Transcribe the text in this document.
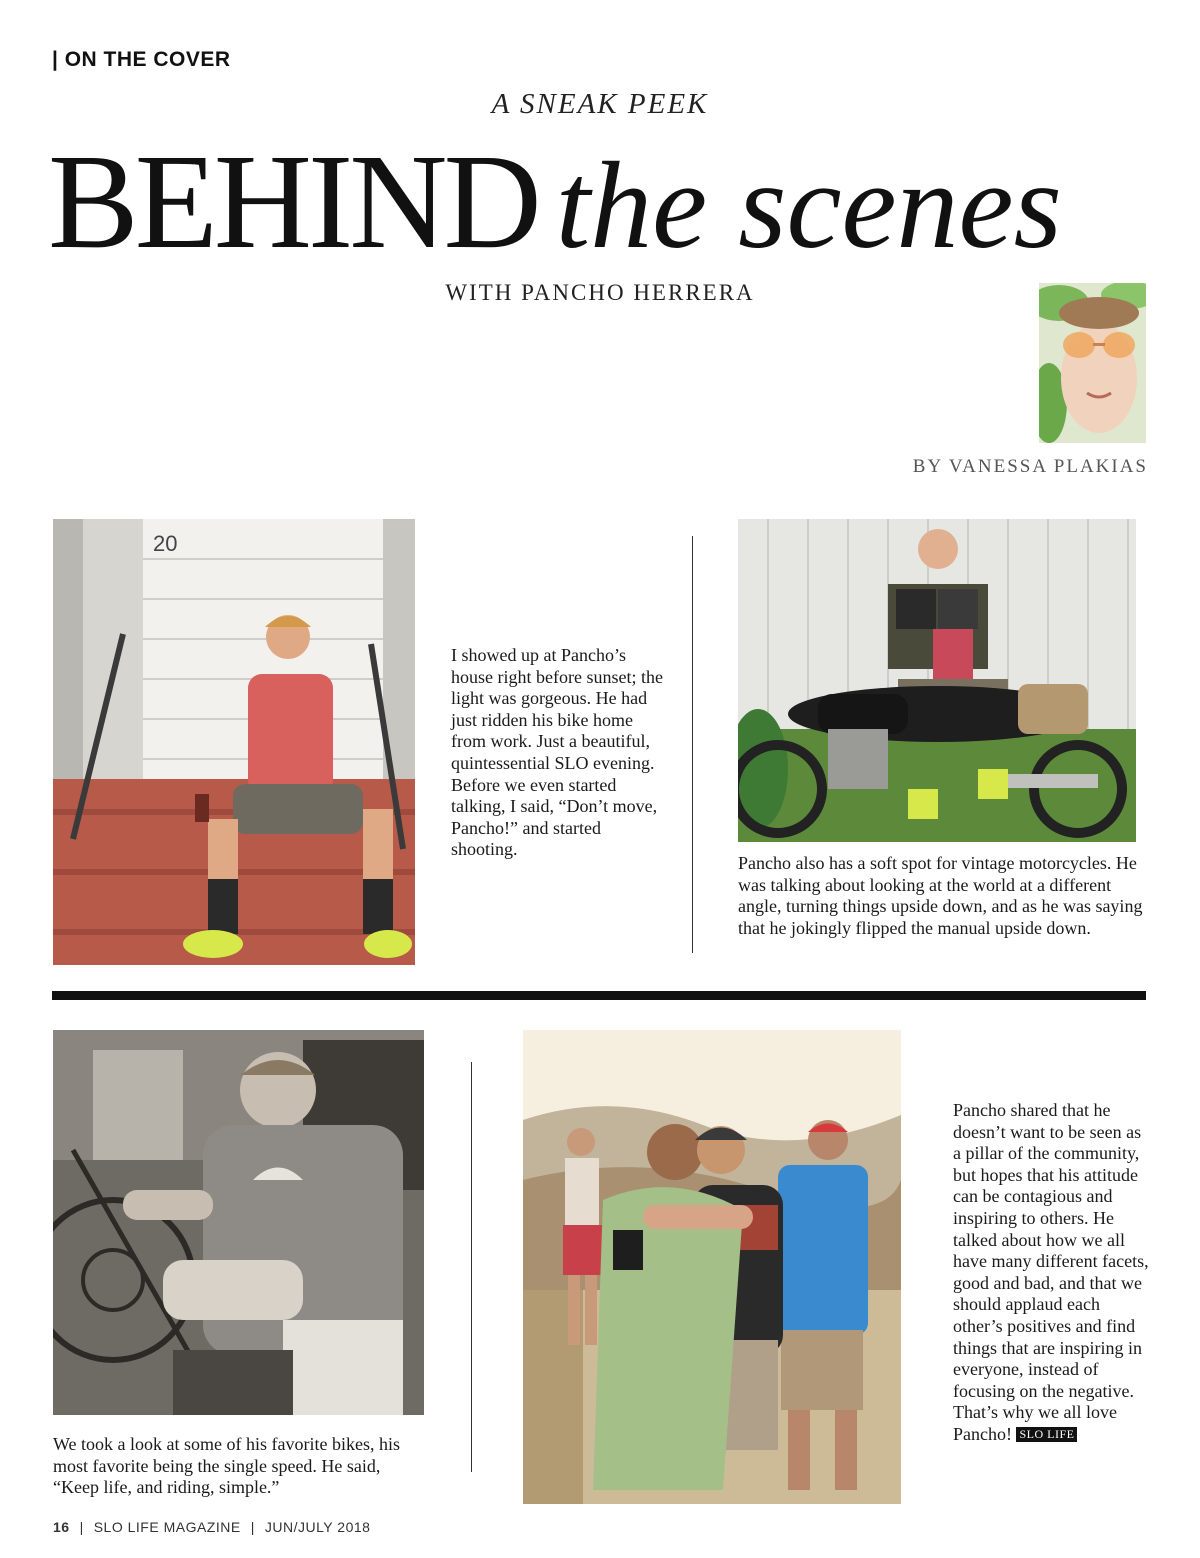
| ON THE COVER
A SNEAK PEEK
BEHIND the scenes
WITH PANCHO HERRERA
BY VANESSA PLAKIAS
20
I showed up at Pancho’s house right before sunset; the light was gorgeous. He had just ridden his bike home from work. Just a beautiful, quintessential SLO evening. Before we even started talking, I said, “Don’t move, Pancho!” and started shooting.
Pancho also has a soft spot for vintage motorcycles. He was talking about looking at the world at a different angle, turning things upside down, and as he was saying that he jokingly flipped the manual upside down.
We took a look at some of his favorite bikes, his most favorite being the single speed. He said, “Keep life, and riding, simple.”
Pancho shared that he doesn’t want to be seen as a pillar of the community, but hopes that his attitude can be contagious and inspiring to others. He talked about how we all have many different facets, good and bad, and that we should applaud each other’s positives and find things that are inspiring in everyone, instead of focusing on the negative. That’s why we all love Pancho! SLO LIFE
16 | SLO LIFE MAGAZINE | JUN/JULY 2018
